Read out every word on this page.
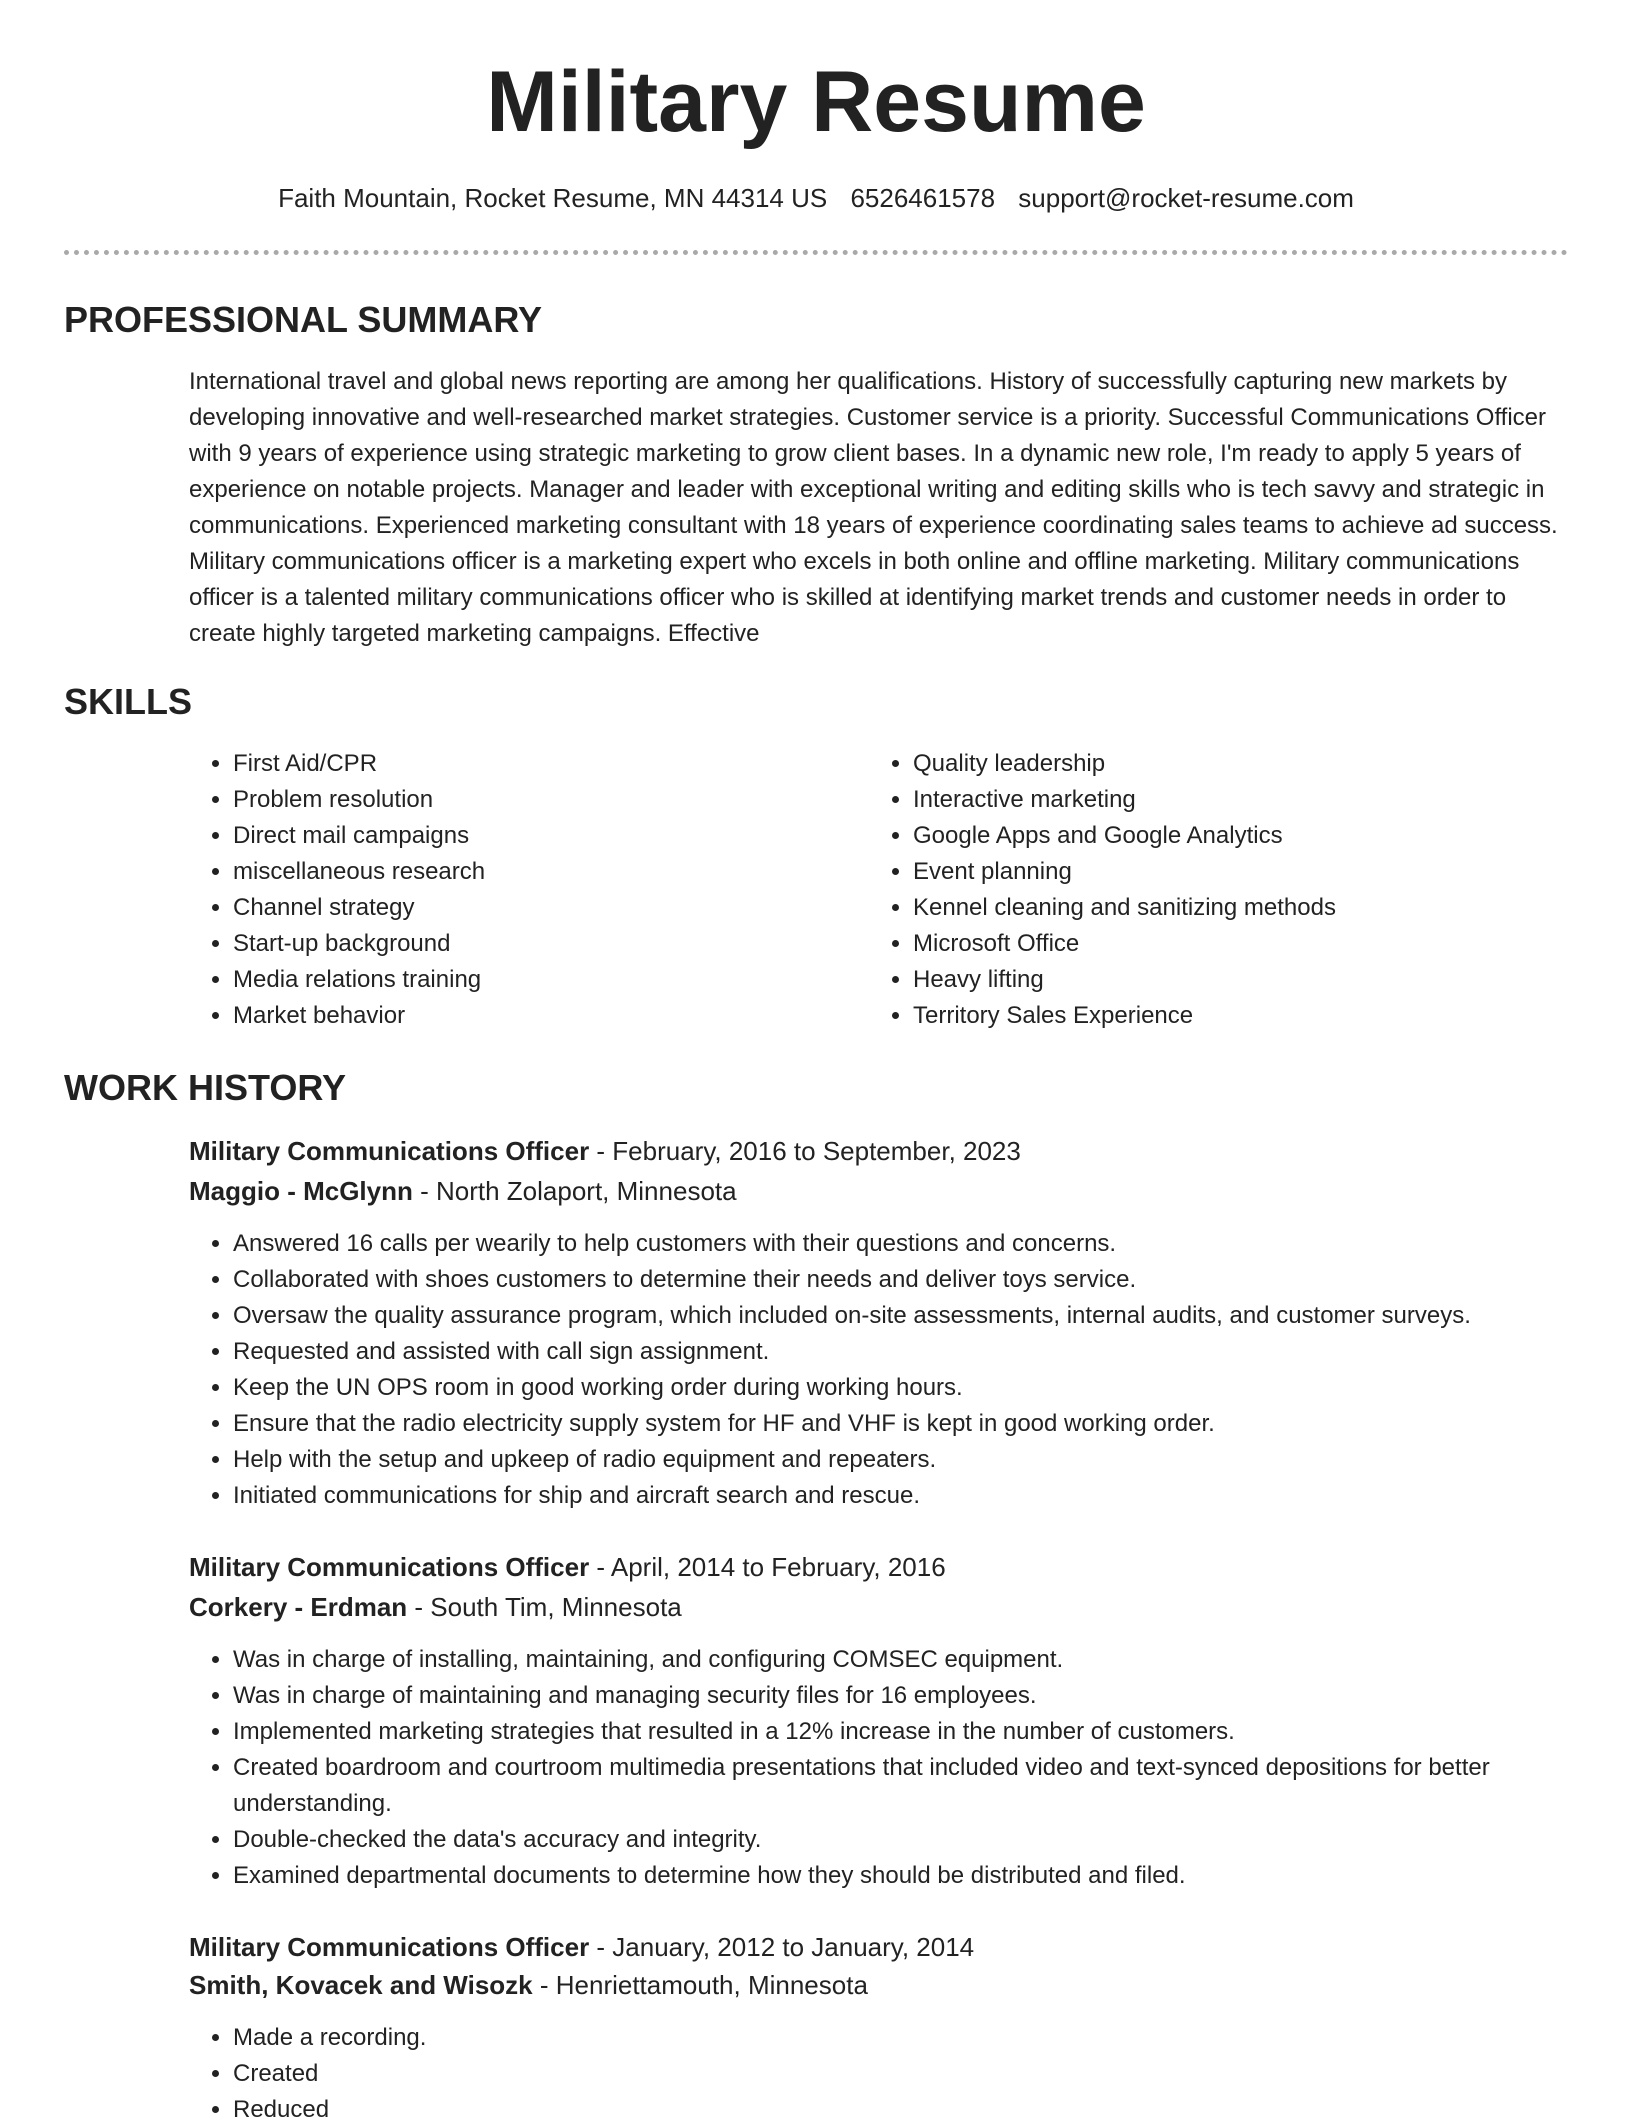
Military Resume
Faith Mountain, Rocket Resume, MN 44314 US 6526461578 support@rocket-resume.com
PROFESSIONAL SUMMARY

International travel and global news reporting are among her qualifications. History of successfully capturing new markets by developing innovative and well-researched market strategies. Customer service is a priority. Successful Communications Officer with 9 years of experience using strategic marketing to grow client bases. In a dynamic new role, I'm ready to apply 5 years of experience on notable projects. Manager and leader with exceptional writing and editing skills who is tech savvy and strategic in communications. Experienced marketing consultant with 18 years of experience coordinating sales teams to achieve ad success. Military communications officer is a marketing expert who excels in both online and offline marketing. Military communications officer is a talented military communications officer who is skilled at identifying market trends and customer needs in order to create highly targeted marketing campaigns. Effective

SKILLS
• First Aid/CPR
• Problem resolution
• Direct mail campaigns
• miscellaneous research
• Channel strategy
• Start-up background
• Media relations training
• Market behavior
• Quality leadership
• Interactive marketing
• Google Apps and Google Analytics
• Event planning
• Kennel cleaning and sanitizing methods
• Microsoft Office
• Heavy lifting
• Territory Sales Experience
WORK HISTORY
Military Communications Officer - February, 2016 to September, 2023
Maggio - McGlynn - North Zolaport, Minnesota
• Answered 16 calls per wearily to help customers with their questions and concerns.
• Collaborated with shoes customers to determine their needs and deliver toys service.
• Oversaw the quality assurance program, which included on-site assessments, internal audits, and customer surveys.
• Requested and assisted with call sign assignment.
• Keep the UN OPS room in good working order during working hours.
• Ensure that the radio electricity supply system for HF and VHF is kept in good working order.
• Help with the setup and upkeep of radio equipment and repeaters.
• Initiated communications for ship and aircraft search and rescue.
Military Communications Officer - April, 2014 to February, 2016
Corkery - Erdman - South Tim, Minnesota
• Was in charge of installing, maintaining, and configuring COMSEC equipment.
• Was in charge of maintaining and managing security files for 16 employees.
• Implemented marketing strategies that resulted in a 12% increase in the number of customers.
• Created boardroom and courtroom multimedia presentations that included video and text-synced depositions for better understanding.
• Double-checked the data's accuracy and integrity.
• Examined departmental documents to determine how they should be distributed and filed.
Military Communications Officer - January, 2012 to January, 2014
Smith, Kovacek and Wisozk - Henriettamouth, Minnesota
• Made a recording.
• Created
• Reduced
